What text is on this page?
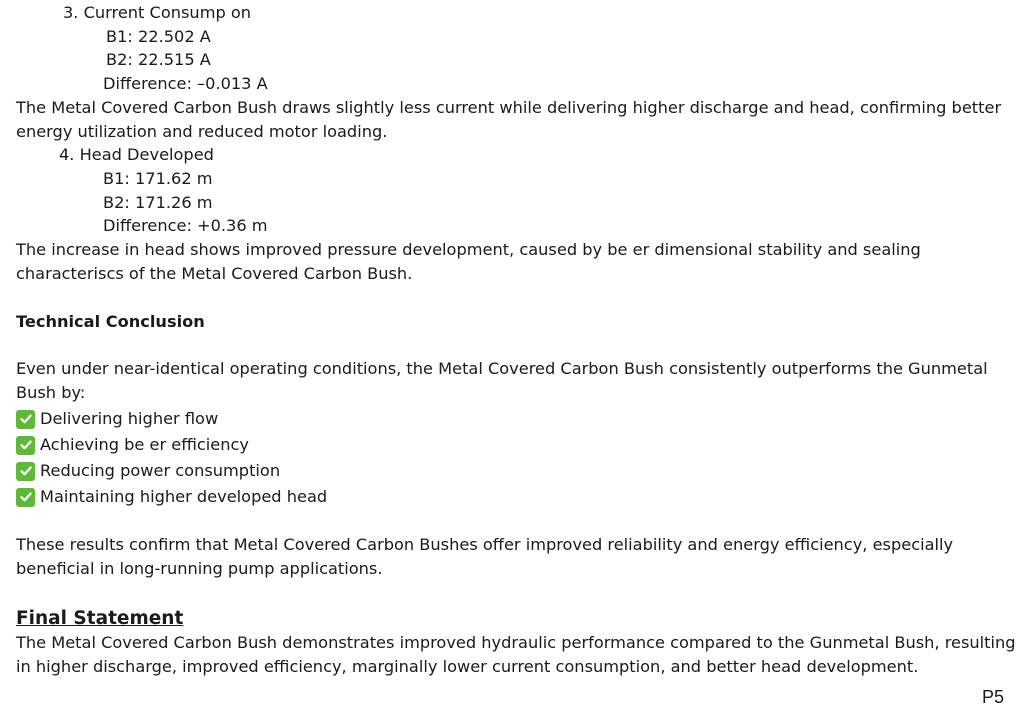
3. Current Consump on
B1: 22.502 A
B2: 22.515 A
Difference: –0.013 A
The Metal Covered Carbon Bush draws slightly less current while delivering higher discharge and head, confirming better energy utilization and reduced motor loading.
4. Head Developed
B1: 171.62 m
B2: 171.26 m
Difference: +0.36 m
The increase in head shows improved pressure development, caused by be er dimensional stability and sealing characteriscs of the Metal Covered Carbon Bush.
Technical Conclusion
Even under near-identical operating conditions, the Metal Covered Carbon Bush consistently outperforms the Gunmetal Bush by:
Delivering higher flow
Achieving be er efficiency
Reducing power consumption
Maintaining higher developed head
These results confirm that Metal Covered Carbon Bushes offer improved reliability and energy efficiency, especially beneficial in long-running pump applications.
Final Statement
The Metal Covered Carbon Bush demonstrates improved hydraulic performance compared to the Gunmetal Bush, resulting in higher discharge, improved efficiency, marginally lower current consumption, and better head development.
P5
